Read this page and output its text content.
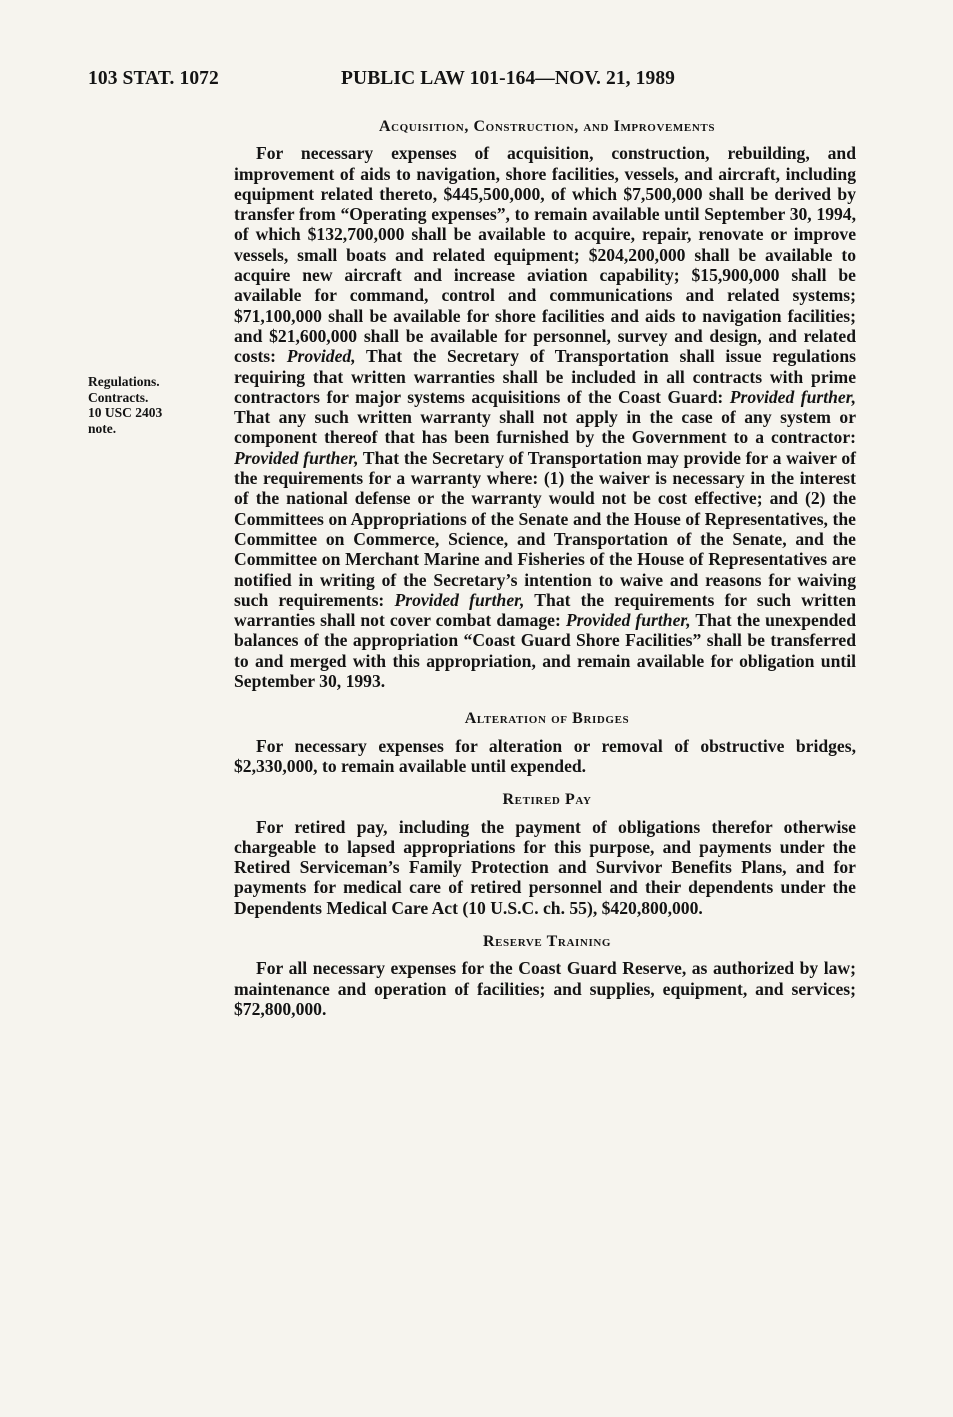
103 STAT. 1072	PUBLIC LAW 101-164—NOV. 21, 1989
Regulations.
Contracts.
10 USC 2403
note.
Acquisition, Construction, and Improvements

For necessary expenses of acquisition, construction, rebuilding, and improvement of aids to navigation, shore facilities, vessels, and aircraft, including equipment related thereto, $445,500,000, of which $7,500,000 shall be derived by transfer from “Operating expenses”, to remain available until September 30, 1994, of which $132,700,000 shall be available to acquire, repair, renovate or improve vessels, small boats and related equipment; $204,200,000 shall be available to acquire new aircraft and increase aviation capability; $15,900,000 shall be available for command, control and communications and related systems; $71,100,000 shall be available for shore facilities and aids to navigation facilities; and $21,600,000 shall be available for personnel, survey and design, and related costs: Provided, That the Secretary of Transportation shall issue regulations requiring that written warranties shall be included in all contracts with prime contractors for major systems acquisitions of the Coast Guard: Provided further, That any such written warranty shall not apply in the case of any system or component thereof that has been furnished by the Government to a contractor: Provided further, That the Secretary of Transportation may provide for a waiver of the requirements for a warranty where: (1) the waiver is necessary in the interest of the national defense or the warranty would not be cost effective; and (2) the Committees on Appropriations of the Senate and the House of Representatives, the Committee on Commerce, Science, and Transportation of the Senate, and the Committee on Merchant Marine and Fisheries of the House of Representatives are notified in writing of the Secretary’s intention to waive and reasons for waiving such requirements: Provided further, That the requirements for such written warranties shall not cover combat damage: Provided further, That the unexpended balances of the appropriation “Coast Guard Shore Facilities” shall be transferred to and merged with this appropriation, and remain available for obligation until September 30, 1993.

Alteration of Bridges

For necessary expenses for alteration or removal of obstructive bridges, $2,330,000, to remain available until expended.

Retired Pay

For retired pay, including the payment of obligations therefor otherwise chargeable to lapsed appropriations for this purpose, and payments under the Retired Serviceman’s Family Protection and Survivor Benefits Plans, and for payments for medical care of retired personnel and their dependents under the Dependents Medical Care Act (10 U.S.C. ch. 55), $420,800,000.

Reserve Training

For all necessary expenses for the Coast Guard Reserve, as authorized by law; maintenance and operation of facilities; and supplies, equipment, and services; $72,800,000.
